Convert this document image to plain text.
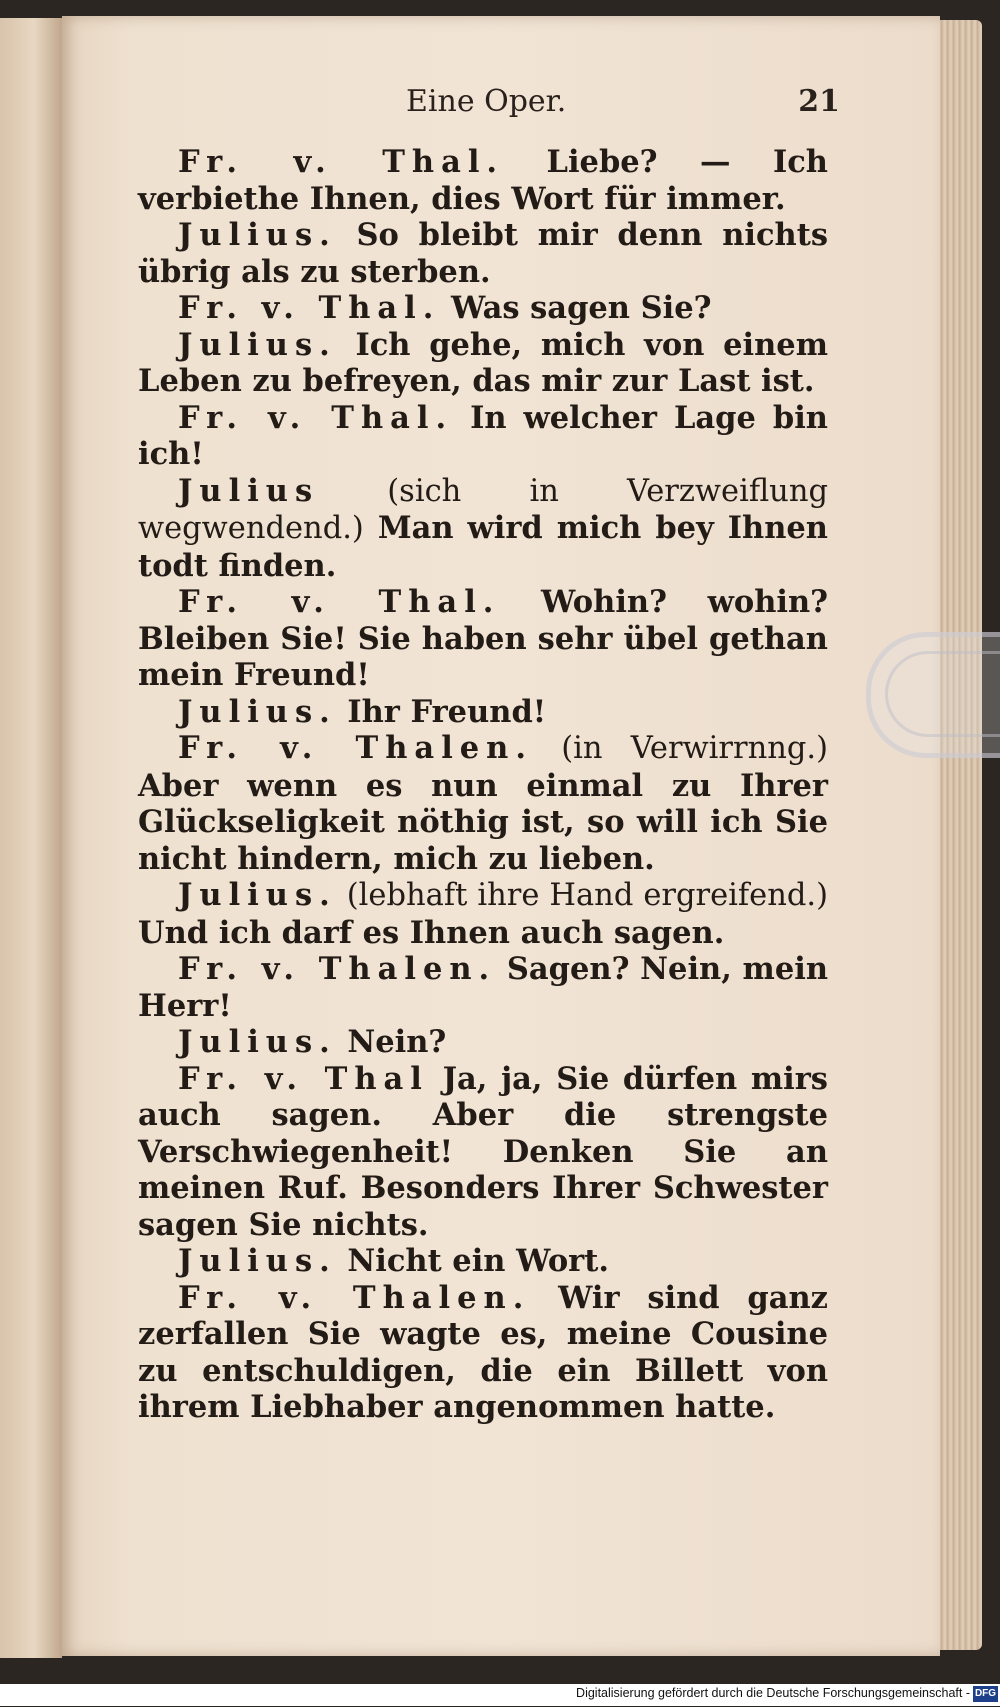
Eine Oper.	21

Fr. v. Thal. Liebe? — Ich verbiethe Ihnen, dies Wort für immer.

Julius. So bleibt mir denn nichts übrig als zu sterben.

Fr. v. Thal. Was sagen Sie?

Julius. Ich gehe, mich von einem Leben zu befreyen, das mir zur Last ist.

Fr. v. Thal. In welcher Lage bin ich!

Julius (sich in Verzweiflung wegwendend.) Man wird mich bey Ihnen todt finden.

Fr. v. Thal. Wohin? wohin? Bleiben Sie! Sie haben sehr übel gethan mein Freund!

Julius. Ihr Freund!

Fr. v. Thalen. (in Verwirrnng.) Aber wenn es nun einmal zu Ihrer Glückseligkeit nöthig ist, so will ich Sie nicht hindern, mich zu lieben.

Julius. (lebhaft ihre Hand ergreifend.) Und ich darf es Ihnen auch sagen.

Fr. v. Thalen. Sagen? Nein, mein Herr!

Julius. Nein?

Fr. v. Thal Ja, ja, Sie dürfen mirs auch sagen. Aber die strengste Verschwiegenheit! Denken Sie an meinen Ruf. Besonders Ihrer Schwester sagen Sie nichts.

Julius. Nicht ein Wort.

Fr. v. Thalen. Wir sind ganz zerfallen Sie wagte es, meine Cousine zu entschuldigen, die ein Billett von ihrem Liebhaber angenommen hatte.

Digitalisierung gefördert durch die Deutsche Forschungsgemeinschaft - DFG
